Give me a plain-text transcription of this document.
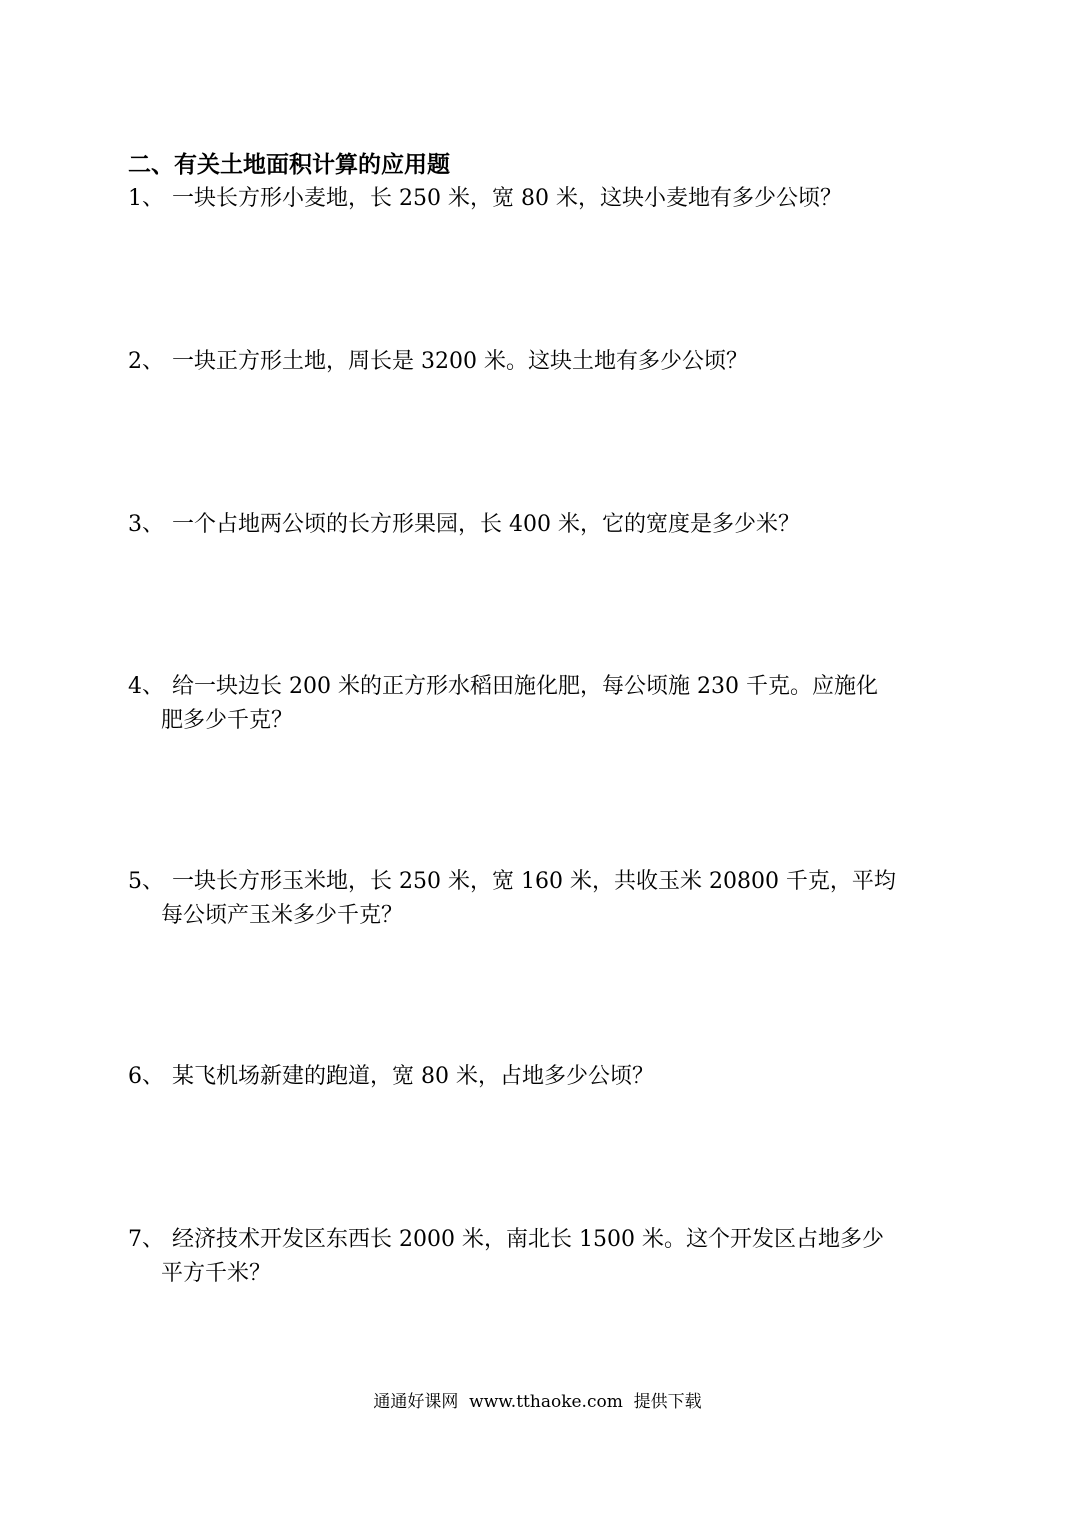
二、有关土地面积计算的应用题
1、 一块长方形小麦地，长 250 米，宽 80 米，这块小麦地有多少公顷？
2、 一块正方形土地，周长是 3200 米。这块土地有多少公顷？
3、 一个占地两公顷的长方形果园，长 400 米，它的宽度是多少米？
4、 给一块边长 200 米的正方形水稻田施化肥，每公顷施 230 千克。应施化
肥多少千克？
5、 一块长方形玉米地，长 250 米，宽 160 米，共收玉米 20800 千克，平均
每公顷产玉米多少千克？
6、 某飞机场新建的跑道，宽 80 米，占地多少公顷？
7、 经济技术开发区东西长 2000 米，南北长 1500 米。这个开发区占地多少
平方千米？
通通好课网  www.tthaoke.com  提供下载
